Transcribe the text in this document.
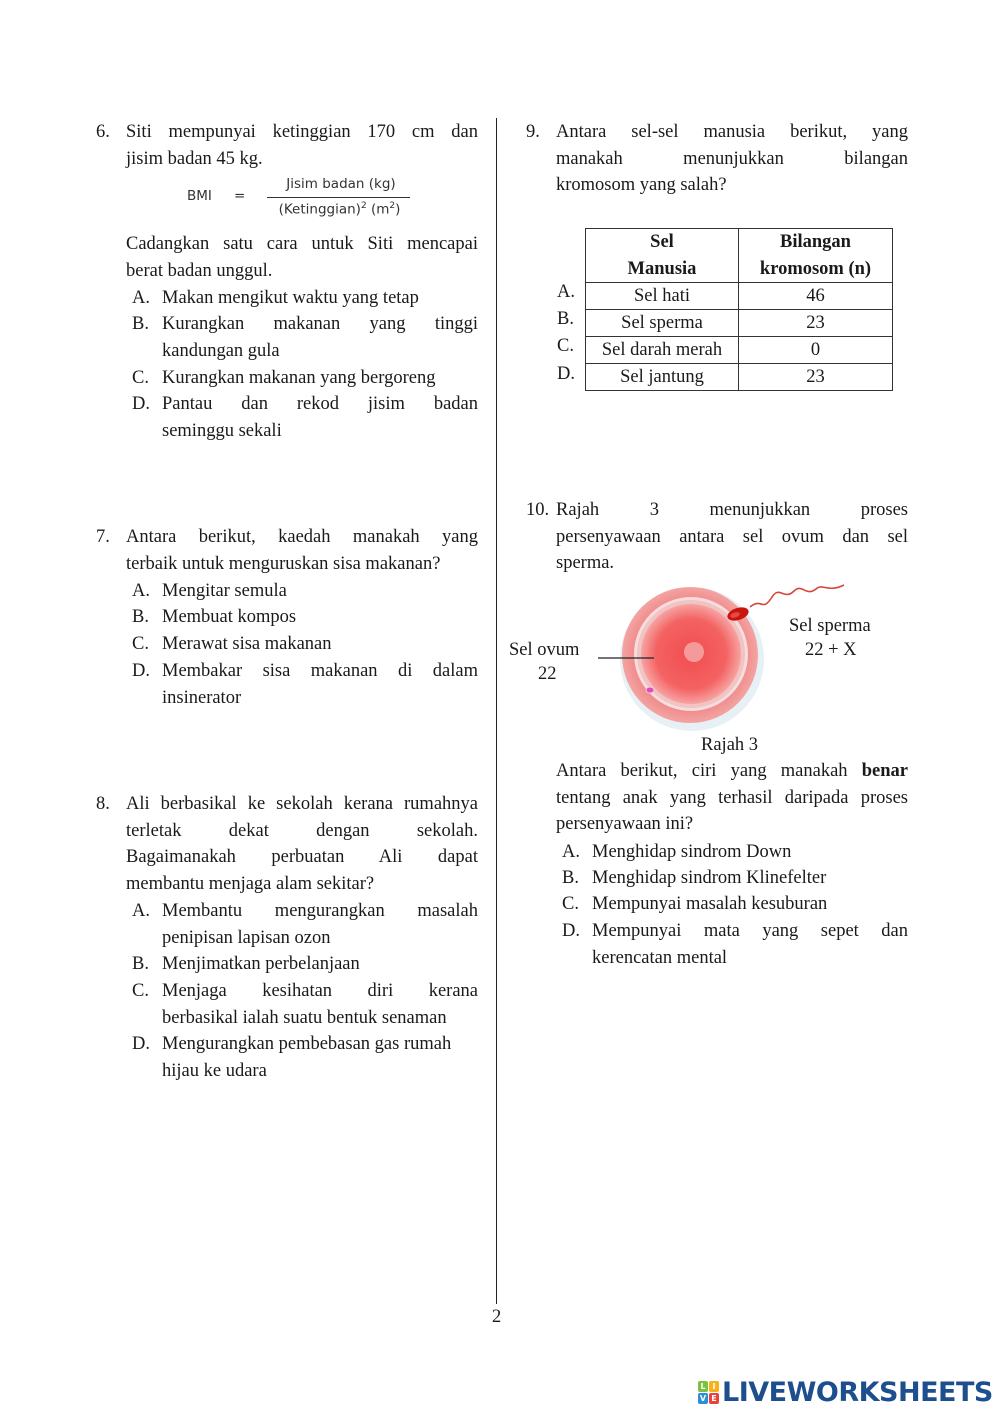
6. Siti mempunyai ketinggian 170 cm dan
jisim badan 45 kg.
BMI =
Jisim badan (kg)
(Ketinggian)$^2$ $(m^2)$
Cadangkan satu cara untuk Siti mencapai
berat badan unggul.
A. Makan mengikut waktu yang tetap
B. Kurangkan makanan yang tinggi
kandungan gula
C. Kurangkan makanan yang bergoreng
D. Pantau dan rekod jisim badan
seminggu sekali
7. Antara berikut, kaedah manakah yang
terbaik untuk menguruskan sisa makanan?
A. Mengitar semula
B. Membuat kompos
C. Merawat sisa makanan
D. Membakar sisa makanan di dalam
insinerator
8. Ali berbasikal ke sekolah kerana rumahnya
terletak dekat dengan sekolah.
Bagaimanakah perbuatan Ali dapat
membantu menjaga alam sekitar?
A. Membantu mengurangkan masalah
penipisan lapisan ozon
B. Menjimatkan perbelanjaan
C. Menjaga kesihatan diri kerana
berbasikal ialah suatu bentuk senaman
D. Mengurangkan pembebasan gas rumah
hijau ke udara
9. Antara sel-sel manusia berikut, yang
manakah menunjukkan bilangan
kromosom yang salah?
Sel
Manusia	Bilangan
kromosom (n)

Sel hati	46
Sel sperma	23
Sel darah merah	0
Sel jantung	23
A.
B.
C.
D.
10. Rajah 3 menunjukkan proses
persenyawaan antara sel ovum dan sel
sperma.
Sel ovum
22
Sel sperma
22 + X
Rajah 3
Antara berikut, ciri yang manakah benar
tentang anak yang terhasil daripada proses
persenyawaan ini?
A. Menghidap sindrom Down
B. Menghidap sindrom Klinefelter
C. Mempunyai masalah kesuburan
D. Mempunyai mata yang sepet dan
kerencatan mental
2
L I
V E LIVEWORKSHEETS
